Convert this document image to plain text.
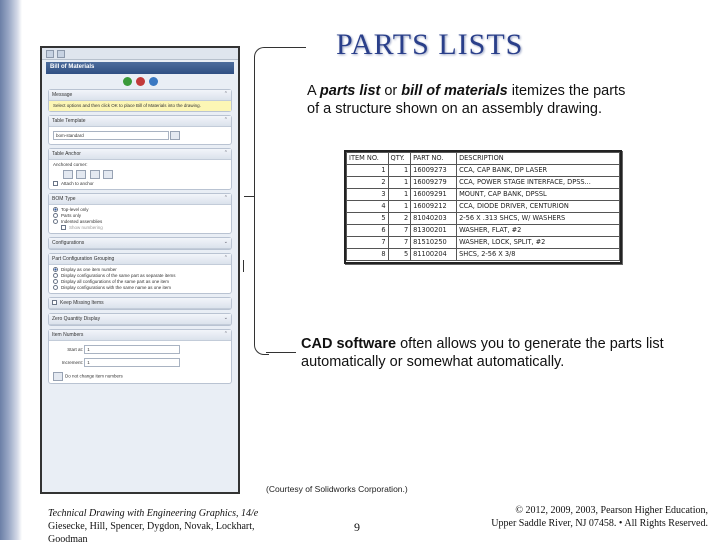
PARTS LISTS
A parts list or bill of materials itemizes the parts of a structure shown on an assembly drawing.
Bill of Materials
Message	⌃
Select options and then click OK to place Bill of Materials into the drawing.
Table Template	⌃
bom-standard
Table Anchor	⌃
Anchored corner:

Attach to anchor
BOM Type	⌃
Top-level only
Parts only
Indented assemblies
Show numbering
Configurations	⌄
Part Configuration Grouping	⌃
Display as one item number
Display configurations of the same part as separate items
Display all configurations of the same part as one item
Display configurations with the same name as one item
Keep Missing Items
Zero Quantity Display	⌄
Item Numbers	⌃
Start at: 1
Increment: 1
Do not change item numbers
ITEM NO.	QTY.	PART NO.	DESCRIPTION
1	1	16009273	CCA, CAP BANK, DP LASER
2	1	16009279	CCA, POWER STAGE INTERFACE, DPSS...
3	1	16009291	MOUNT, CAP BANK, DPSSL
4	1	16009212	CCA, DIODE DRIVER, CENTURION
5	2	81040203	2-56 X .313 SHCS, W/ WASHERS
6	7	81300201	WASHER, FLAT, #2
7	7	81510250	WASHER, LOCK, SPLIT, #2
8	5	81100204	SHCS, 2-56 X 3/8
CAD software often allows you to generate the parts list automatically or somewhat automatically.
(Courtesy of Solidworks Corporation.)
Technical Drawing with Engineering Graphics, 14/e
Giesecke, Hill, Spencer, Dygdon, Novak, Lockhart, Goodman
9
© 2012, 2009, 2003, Pearson Higher Education,
Upper Saddle River, NJ 07458. • All Rights Reserved.
